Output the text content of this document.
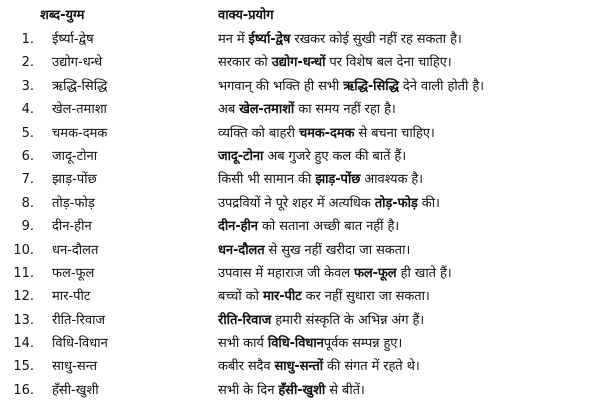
शब्द-युग्म	वाक्य-प्रयोग
1. ईर्ष्या-द्वेष	मन में ईर्ष्या-द्वेष रखकर कोई सुखी नहीं रह सकता है।
2. उद्योग-धन्धे	सरकार को उद्योग-धन्धों पर विशेष बल देना चाहिए।
3. ऋद्धि-सिद्धि	भगवान् की भक्ति ही सभी ऋद्धि-सिद्धि देने वाली होती है।
4. खेल-तमाशा	अब खेल-तमाशों का समय नहीं रहा है।
5. चमक-दमक	व्यक्ति को बाहरी चमक-दमक से बचना चाहिए।
6. जादू-टोना	जादू-टोना अब गुजरे हुए कल की बातें हैं।
7. झाड़-पोंछ	किसी भी सामान की झाड़-पोंछ आवश्यक है।
8. तोड़-फोड़	उपद्रवियों ने पूरे शहर में अत्यधिक तोड़-फोड़ की।
9. दीन-हीन	दीन-हीन को सताना अच्छी बात नहीं है।
10. धन-दौलत	धन-दौलत से सुख नहीं खरीदा जा सकता।
11. फल-फूल	उपवास में महाराज जी केवल फल-फूल ही खाते हैं।
12. मार-पीट	बच्चों को मार-पीट कर नहीं सुधारा जा सकता।
13. रीति-रिवाज	रीति-रिवाज हमारी संस्कृति के अभिन्न अंग हैं।
14. विधि-विधान	सभी कार्य विधि-विधानपूर्वक सम्पन्न हुए।
15. साधु-सन्त	कबीर सदैव साधु-सन्तों की संगत में रहते थे।
16. हँसी-खुशी	सभी के दिन हँसी-खुशी से बीतें।
